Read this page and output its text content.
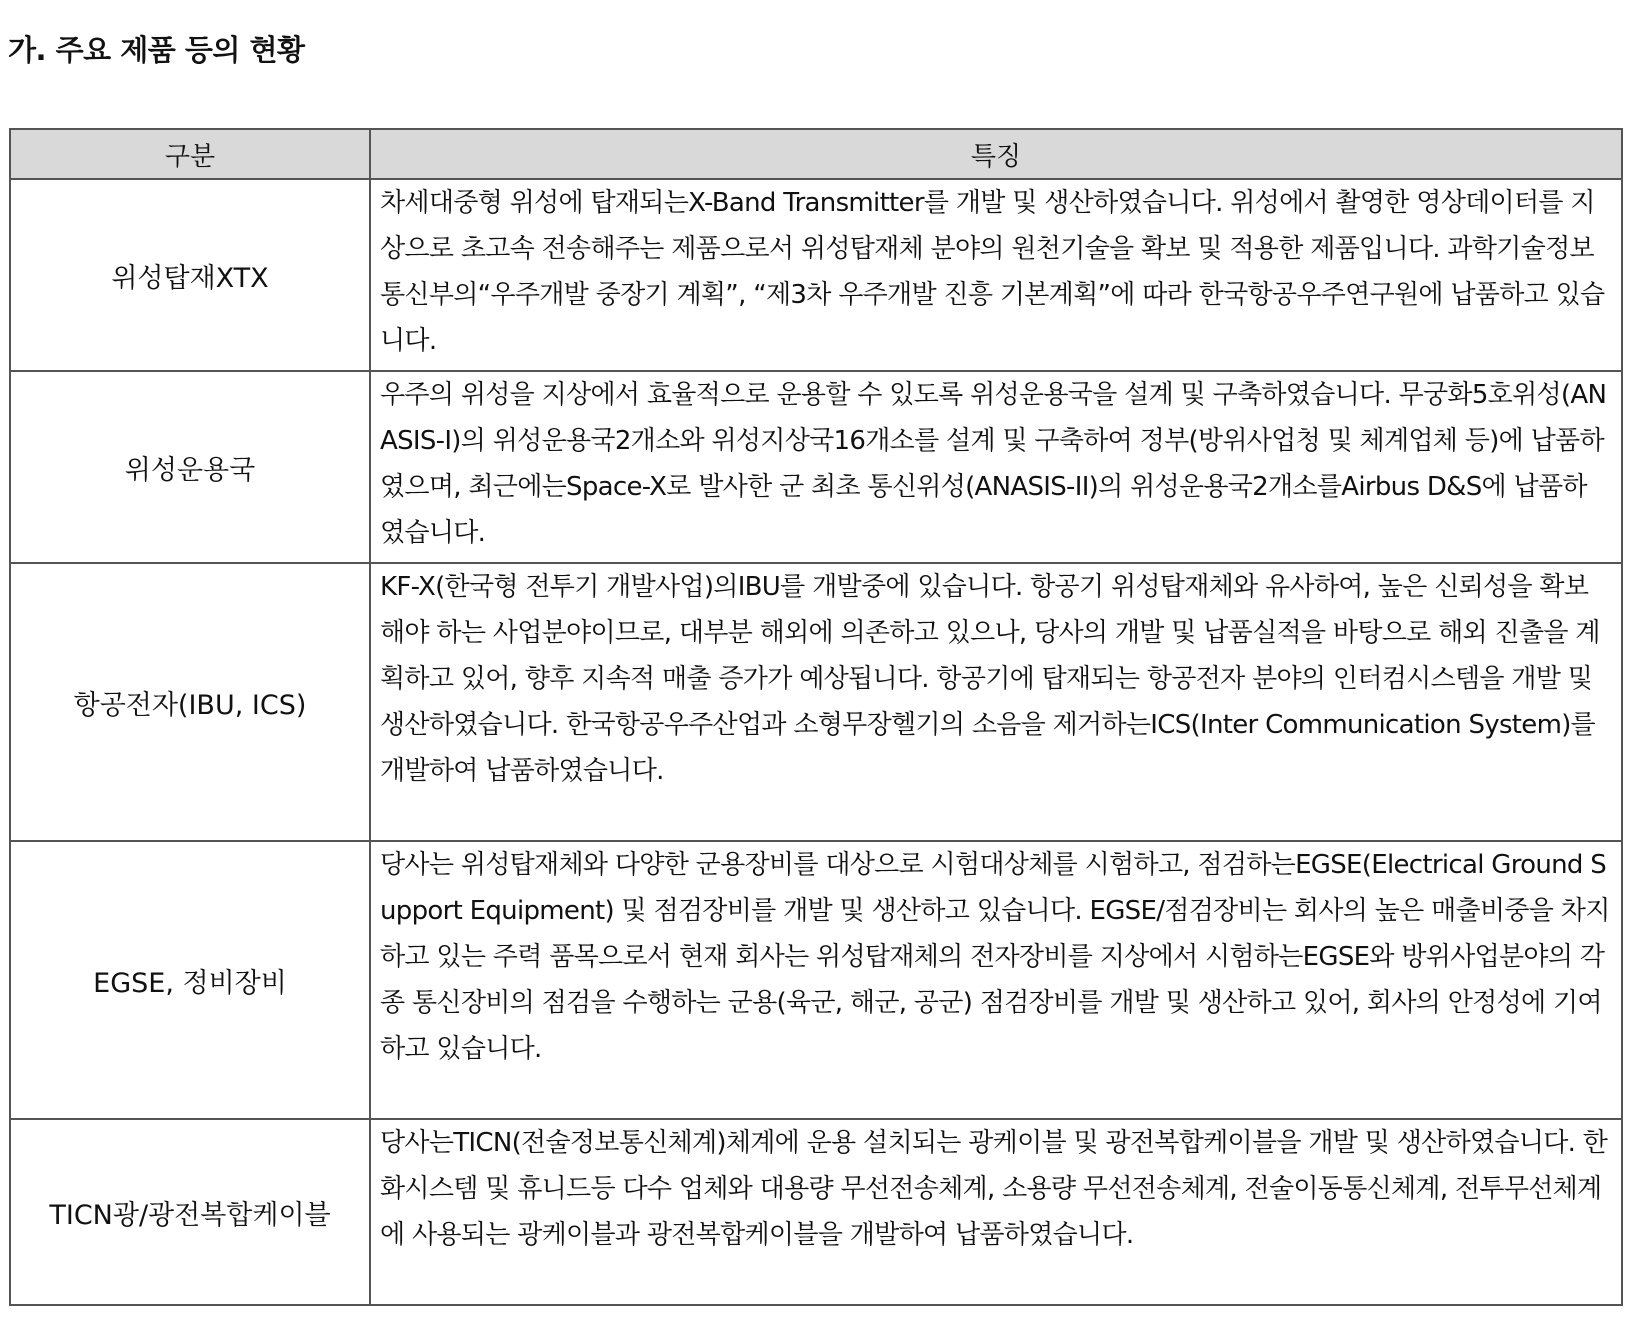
가. 주요 제품 등의 현황
구분	특징
위성탑재XTX	차세대중형 위성에 탑재되는X-Band Transmitter를 개발 및 생산하였습니다. 위성에서 촬영한 영상데이터를 지상으로 초고속 전송해주는 제품으로서 위성탑재체 분야의 원천기술을 확보 및 적용한 제품입니다. 과학기술정보통신부의“우주개발 중장기 계획”, “제3차 우주개발 진흥 기본계획”에 따라 한국항공우주연구원에 납품하고 있습니다.
위성운용국	우주의 위성을 지상에서 효율적으로 운용할 수 있도록 위성운용국을 설계 및 구축하였습니다. 무궁화5호위성(ANASIS-I)의 위성운용국2개소와 위성지상국16개소를 설계 및 구축하여 정부(방위사업청 및 체계업체 등)에 납품하였으며, 최근에는Space-X로 발사한 군 최초 통신위성(ANASIS-II)의 위성운용국2개소를Airbus D&S에 납품하였습니다.
항공전자(IBU, ICS)	KF-X(한국형 전투기 개발사업)의IBU를 개발중에 있습니다. 항공기 위성탑재체와 유사하여, 높은 신뢰성을 확보해야 하는 사업분야이므로, 대부분 해외에 의존하고 있으나, 당사의 개발 및 납품실적을 바탕으로 해외 진출을 계획하고 있어, 향후 지속적 매출 증가가 예상됩니다. 항공기에 탑재되는 항공전자 분야의 인터컴시스템을 개발 및 생산하였습니다. 한국항공우주산업과 소형무장헬기의 소음을 제거하는ICS(Inter Communication System)를 개발하여 납품하였습니다.
EGSE, 정비장비	당사는 위성탑재체와 다양한 군용장비를 대상으로 시험대상체를 시험하고, 점검하는EGSE(Electrical Ground Support Equipment) 및 점검장비를 개발 및 생산하고 있습니다. EGSE/점검장비는 회사의 높은 매출비중을 차지하고 있는 주력 품목으로서 현재 회사는 위성탑재체의 전자장비를 지상에서 시험하는EGSE와 방위사업분야의 각종 통신장비의 점검을 수행하는 군용(육군, 해군, 공군) 점검장비를 개발 및 생산하고 있어, 회사의 안정성에 기여하고 있습니다.
TICN광/광전복합케이블	당사는TICN(전술정보통신체계)체계에 운용 설치되는 광케이블 및 광전복합케이블을 개발 및 생산하였습니다. 한화시스템 및 휴니드등 다수 업체와 대용량 무선전송체계, 소용량 무선전송체계, 전술이동통신체계, 전투무선체계에 사용되는 광케이블과 광전복합케이블을 개발하여 납품하였습니다.
